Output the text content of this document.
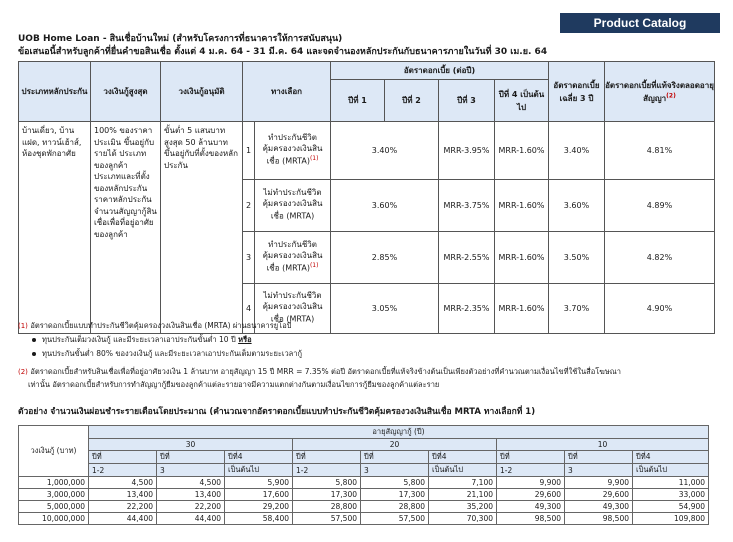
Product Catalog
UOB Home Loan - สินเชื่อบ้านใหม่ (สำหรับโครงการที่ธนาคารให้การสนับสนุน)
ข้อเสนอนี้สำหรับลูกค้าที่ยื่นคำขอสินเชื่อ ตั้งแต่ 4 ม.ค. 64 - 31 มี.ค. 64 และจดจำนองหลักประกันกับธนาคารภายในวันที่ 30 เม.ย. 64
ประเภทหลักประกัน	วงเงินกู้สูงสุด	วงเงินกู้อนุมัติ	ทางเลือก		อัตราดอกเบี้ย (ต่อปี)				อัตราดอกเบี้ยเฉลี่ย 3 ปี	อัตราดอกเบี้ยที่แท้จริงตลอดอายุสัญญา$^{(2)}$
					ปีที่ 1	ปีที่ 2	ปีที่ 3	ปีที่ 4 เป็นต้นไป		
บ้านเดี่ยว, บ้านแฝด, ทาวน์เฮ้าส์, ห้องชุดพักอาศัย	100% ของราคาประเมิน ขึ้นอยู่กับรายได้ ประเภทของลูกค้า ประเภทและที่ตั้งของหลักประกัน ราคาหลักประกัน จำนวนสัญญากู้สินเชื่อเพื่อที่อยู่อาศัยของลูกค้า	ขั้นต่ำ 5 แสนบาท สูงสุด 50 ล้านบาท ขึ้นอยู่กับที่ตั้งของหลักประกัน	1	ทำประกันชีวิตคุ้มครองวงเงินสินเชื่อ (MRTA)$^{(1)}$	3.40%		MRR-3.95%	MRR-1.60%	3.40%	4.81%
			2	ไม่ทำประกันชีวิตคุ้มครองวงเงินสินเชื่อ (MRTA)	3.60%		MRR-3.75%	MRR-1.60%	3.60%	4.89%
			3	ทำประกันชีวิตคุ้มครองวงเงินสินเชื่อ (MRTA)$^{(1)}$	2.85%		MRR-2.55%	MRR-1.60%	3.50%	4.82%
			4	ไม่ทำประกันชีวิตคุ้มครองวงเงินสินเชื่อ (MRTA)	3.05%		MRR-2.35%	MRR-1.60%	3.70%	4.90%
(1) อัตราดอกเบี้ยแบบทำประกันชีวิตคุ้มครองวงเงินสินเชื่อ (MRTA) ผ่านธนาคารยูโอบี
ทุนประกันเต็มวงเงินกู้ และมีระยะเวลาเอาประกันขั้นต่ำ 10 ปี หรือ
ทุนประกันขั้นต่ำ 80% ของวงเงินกู้ และมีระยะเวลาเอาประกันเต็มตามระยะเวลากู้
(2) อัตราดอกเบี้ยสำหรับสินเชื่อเพื่อที่อยู่อาศัยวงเงิน 1 ล้านบาท อายุสัญญา 15 ปี MRR = 7.35% ต่อปี อัตราดอกเบี้ยที่แท้จริงข้างต้นเป็นเพียงตัวอย่างที่คำนวณตามเงื่อนไขที่ใช้ในสื่อโฆษณา
เท่านั้น อัตราดอกเบี้ยสำหรับการทำสัญญากู้ยืมของลูกค้าแต่ละรายอาจมีความแตกต่างกันตามเงื่อนไขการกู้ยืมของลูกค้าแต่ละราย
ตัวอย่าง จำนวนเงินผ่อนชำระรายเดือนโดยประมาณ (คำนวณจากอัตราดอกเบี้ยแบบทำประกันชีวิตคุ้มครองวงเงินสินเชื่อ MRTA ทางเลือกที่ 1)
วงเงินกู้ (บาท)	อายุสัญญากู้ (ปี)								
	30			20			10		
	ปีที่	ปีที่	ปีที่4	ปีที่	ปีที่	ปีที่4	ปีที่	ปีที่	ปีที่4
	1-2	3	เป็นต้นไป	1-2	3	เป็นต้นไป	1-2	3	เป็นต้นไป
1,000,000	4,500	4,500	5,900	5,800	5,800	7,100	9,900	9,900	11,000
3,000,000	13,400	13,400	17,600	17,300	17,300	21,100	29,600	29,600	33,000
5,000,000	22,200	22,200	29,200	28,800	28,800	35,200	49,300	49,300	54,900
10,000,000	44,400	44,400	58,400	57,500	57,500	70,300	98,500	98,500	109,800
